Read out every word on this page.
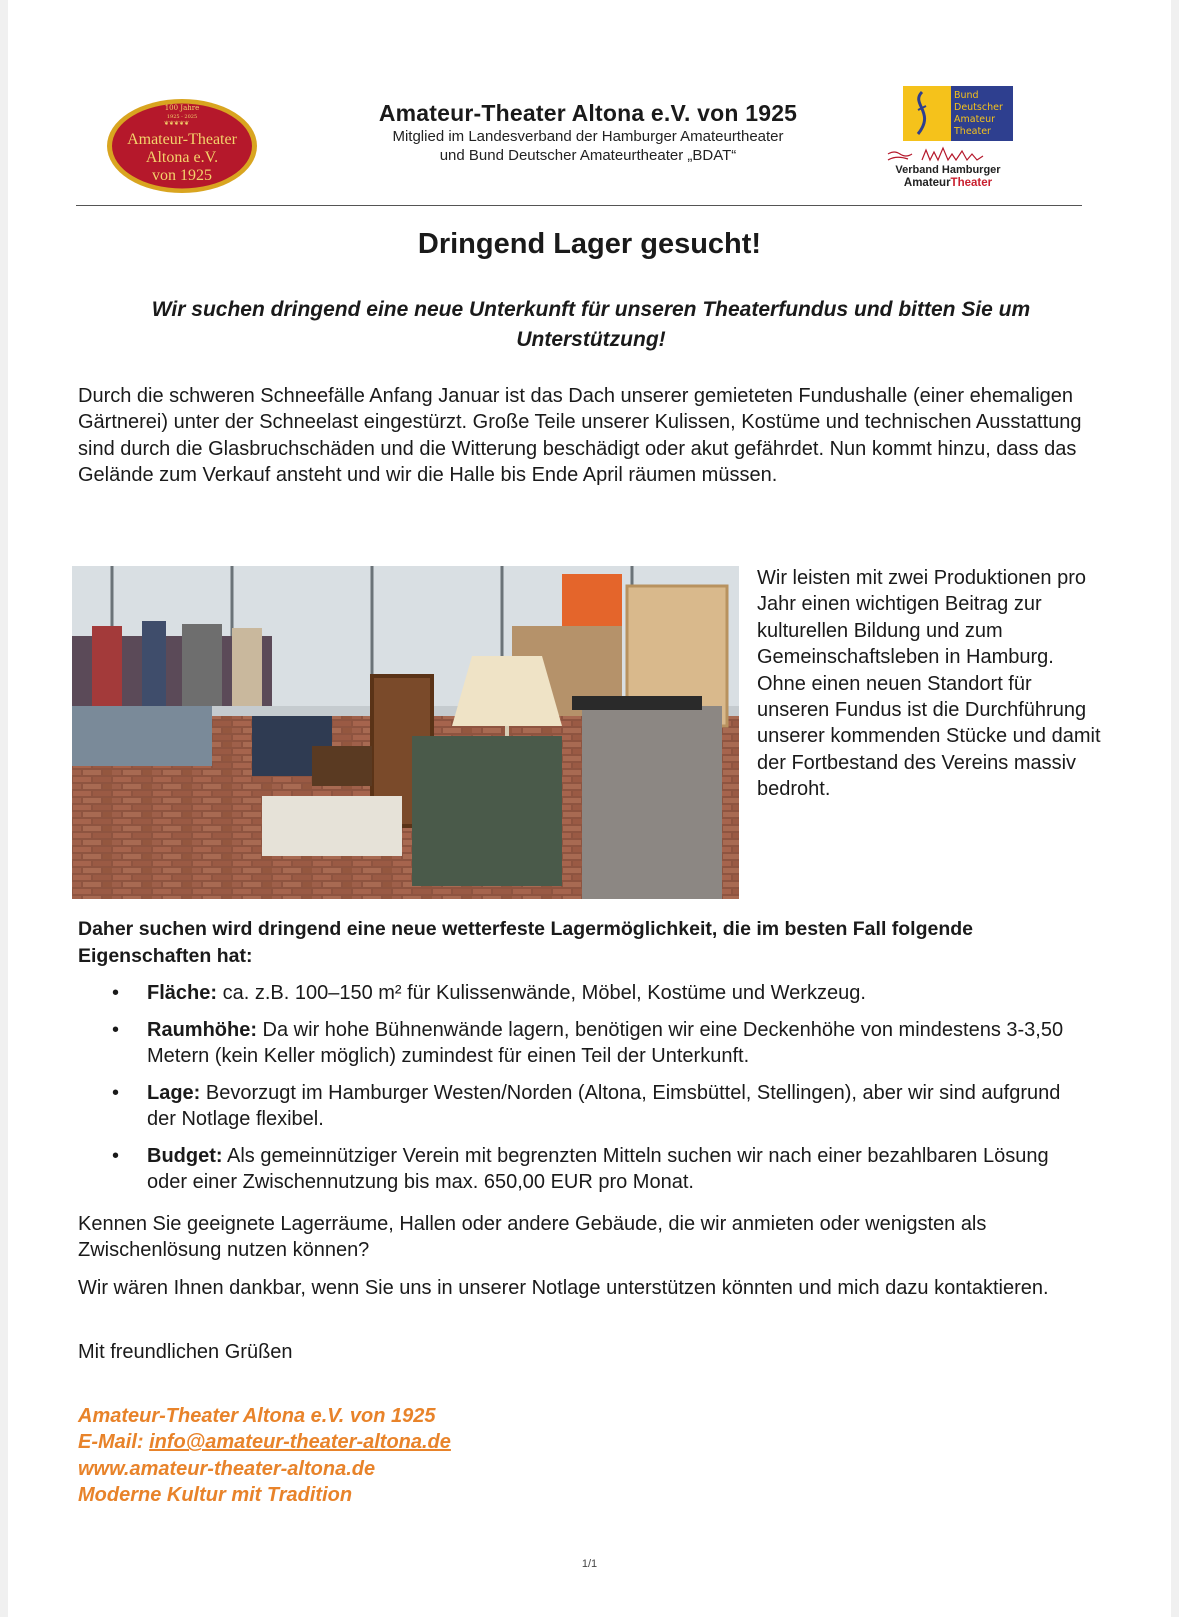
100 Jahre
1925 - 2025
❦❦❦❦❦
Amateur-Theater
Altona e.V.
von 1925
Amateur-Theater Altona e.V. von 1925
Mitglied im Landesverband der Hamburger Amateurtheater
und Bund Deutscher Amateurtheater „BDAT“
Bund
Deutscher
Amateur
Theater
Verband Hamburger
AmateurTheater
Dringend Lager gesucht!
Wir suchen dringend eine neue Unterkunft für unseren Theaterfundus und bitten Sie um Unterstützung!

Durch die schweren Schneefälle Anfang Januar ist das Dach unserer gemieteten Fundushalle (einer ehemaligen Gärtnerei) unter der Schneelast eingestürzt. Große Teile unserer Kulissen, Kostüme und technischen Ausstattung sind durch die Glasbruchschäden und die Witterung beschädigt oder akut gefährdet. Nun kommt hinzu, dass das Gelände zum Verkauf ansteht und wir die Halle bis Ende April räumen müssen.

Wir leisten mit zwei Produktionen pro Jahr einen wichtigen Beitrag zur kulturellen Bildung und zum Gemeinschaftsleben in Hamburg. Ohne einen neuen Standort für unseren Fundus ist die Durchführung unserer kommenden Stücke und damit der Fortbestand des Vereins massiv bedroht.

Daher suchen wird dringend eine neue wetterfeste Lagermöglichkeit, die im besten Fall folgende Eigenschaften hat:

• Fläche: ca. z.B. 100–150 m² für Kulissenwände, Möbel, Kostüme und Werkzeug.
• Raumhöhe: Da wir hohe Bühnenwände lagern, benötigen wir eine Deckenhöhe von mindestens 3-3,50 Metern (kein Keller möglich) zumindest für einen Teil der Unterkunft.
• Lage: Bevorzugt im Hamburger Westen/Norden (Altona, Eimsbüttel, Stellingen), aber wir sind aufgrund der Notlage flexibel.
• Budget: Als gemeinnütziger Verein mit begrenzten Mitteln suchen wir nach einer bezahlbaren Lösung oder einer Zwischennutzung bis max. 650,00 EUR pro Monat.

Kennen Sie geeignete Lagerräume, Hallen oder andere Gebäude, die wir anmieten oder wenigsten als Zwischenlösung nutzen können?

Wir wären Ihnen dankbar, wenn Sie uns in unserer Notlage unterstützen könnten und mich dazu kontaktieren.

Mit freundlichen Grüßen

Amateur-Theater Altona e.V. von 1925
E-Mail: info@amateur-theater-altona.de
www.amateur-theater-altona.de
Moderne Kultur mit Tradition
1/1
